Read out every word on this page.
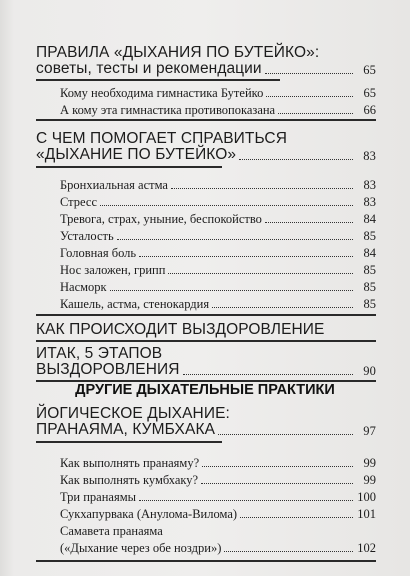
ПРАВИЛА «ДЫХАНИЯ ПО БУТЕЙКО»:
советы, тесты и рекомендации	65
Кому необходима гимнастика Бутейко	65
А кому эта гимнастика противопоказана	66
С ЧЕМ ПОМОГАЕТ СПРАВИТЬСЯ
«ДЫХАНИЕ ПО БУТЕЙКО»	83
Бронхиальная астма	83
Стресс	83
Тревога, страх, уныние, беспокойство	84
Усталость	85
Головная боль	84
Нос заложен, грипп	85
Насморк	85
Кашель, астма, стенокардия	85
КАК ПРОИСХОДИТ ВЫЗДОРОВЛЕНИЕ
ИТАК, 5 ЭТАПОВ
ВЫЗДОРОВЛЕНИЯ	90
ДРУГИЕ ДЫХАТЕЛЬНЫЕ ПРАКТИКИ
ЙОГИЧЕСКОЕ ДЫХАНИЕ:
ПРАНАЯМА, КУМБХАКА	97
Как выполнять пранаяму?	99
Как выполнять кумбхаку?	99
Три пранаямы	100
Сукхапурвака (Анулома-Вилома)	101
Самавета пранаяма
(«Дыхание через обе ноздри»)	102
